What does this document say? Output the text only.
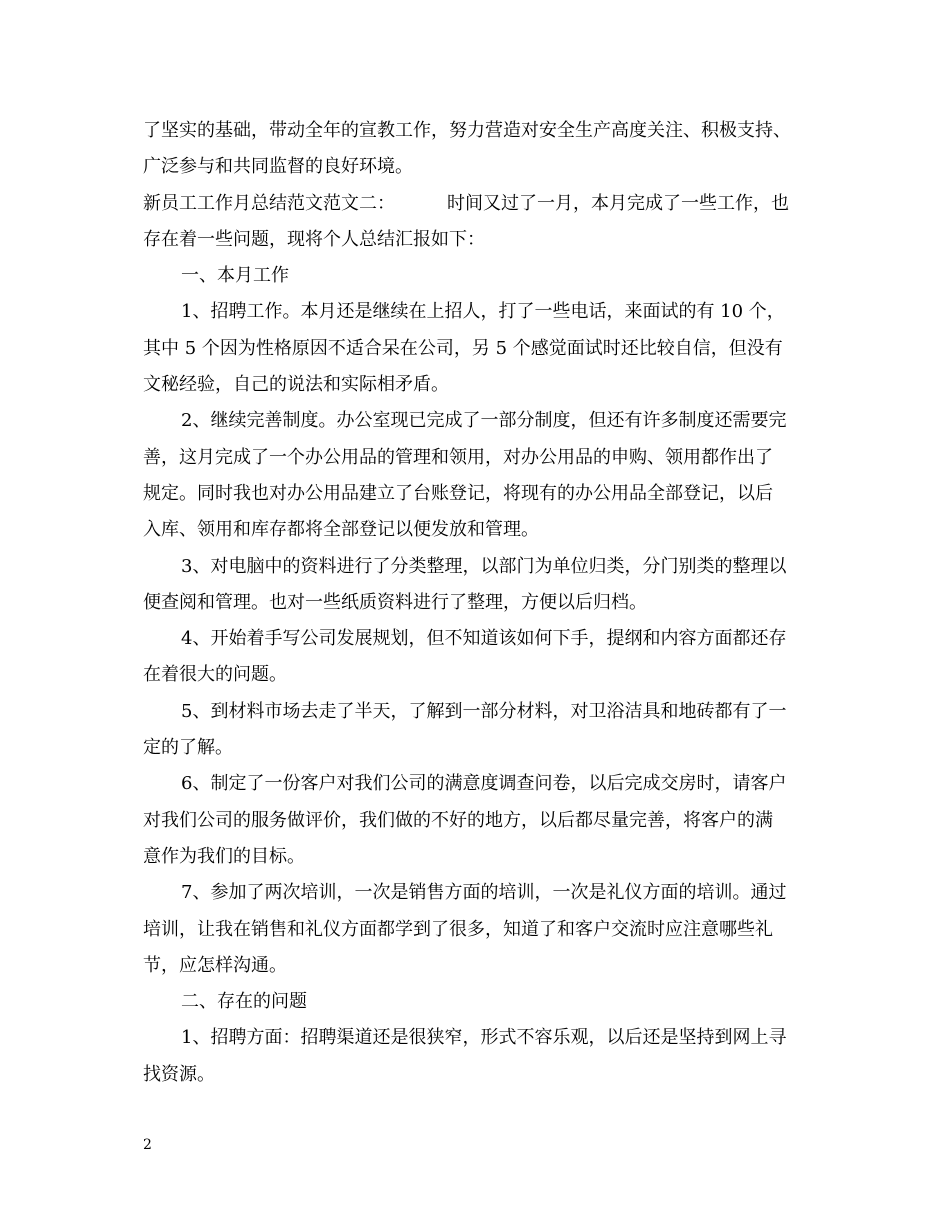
了坚实的基础，带动全年的宣教工作，努力营造对安全生产高度关注、积极支持、

广泛参与和共同监督的良好环境。

新员工工作月总结范文范文二：	时间又过了一月，本月完成了一些工作，也

存在着一些问题，现将个人总结汇报如下：

一、本月工作

1、招聘工作。本月还是继续在上招人，打了一些电话，来面试的有 10 个，

其中 5 个因为性格原因不适合呆在公司，另 5 个感觉面试时还比较自信，但没有

文秘经验，自己的说法和实际相矛盾。

2、继续完善制度。办公室现已完成了一部分制度，但还有许多制度还需要完

善，这月完成了一个办公用品的管理和领用，对办公用品的申购、领用都作出了

规定。同时我也对办公用品建立了台账登记，将现有的办公用品全部登记，以后

入库、领用和库存都将全部登记以便发放和管理。

3、对电脑中的资料进行了分类整理，以部门为单位归类，分门别类的整理以

便查阅和管理。也对一些纸质资料进行了整理，方便以后归档。

4、开始着手写公司发展规划，但不知道该如何下手，提纲和内容方面都还存

在着很大的问题。

5、到材料市场去走了半天，了解到一部分材料，对卫浴洁具和地砖都有了一

定的了解。

6、制定了一份客户对我们公司的满意度调查问卷，以后完成交房时，请客户

对我们公司的服务做评价，我们做的不好的地方，以后都尽量完善，将客户的满

意作为我们的目标。

7、参加了两次培训，一次是销售方面的培训，一次是礼仪方面的培训。通过

培训，让我在销售和礼仪方面都学到了很多，知道了和客户交流时应注意哪些礼

节，应怎样沟通。

二、存在的问题

1、招聘方面：招聘渠道还是很狭窄，形式不容乐观，以后还是坚持到网上寻

找资源。

2
